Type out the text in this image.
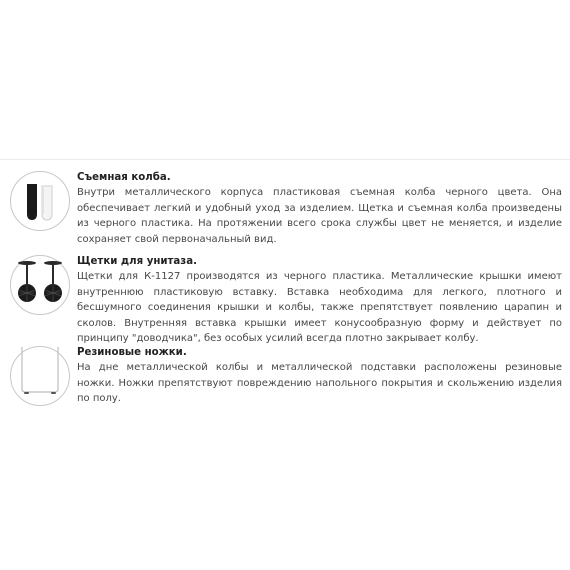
Съемная колба.

Внутри металлического корпуса пластиковая съемная колба черного цвета. Она обеспечивает легкий и удобный уход за изделием. Щетка и съемная колба произведены из черного пластика. На протяжении всего срока службы цвет не меняется, и изделие сохраняет свой первоначальный вид.

Щетки для унитаза.

Щетки для К-1127 производятся из черного пластика. Металлические крышки имеют внутреннюю пластиковую вставку. Вставка необходима для легкого, плотного и бесшумного соединения крышки и колбы, также препятствует появлению царапин и сколов. Внутренняя вставка крышки имеет конусообразную форму и действует по принципу "доводчика", без особых усилий всегда плотно закрывает колбу.

Резиновые ножки.

На дне металлической колбы и металлической подставки расположены резиновые ножки. Ножки препятствуют повреждению напольного покрытия и скольжению изделия по полу.
